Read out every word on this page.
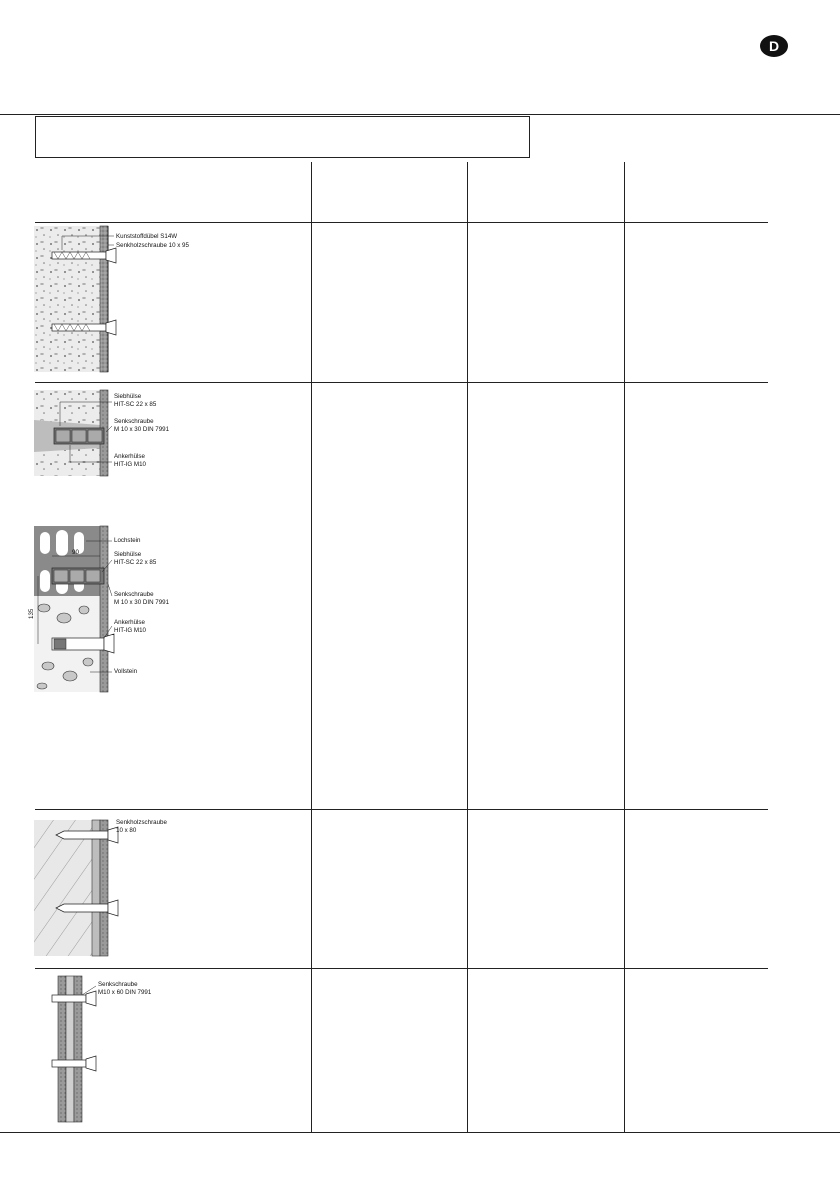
D
Kunststoffdübel S14W
Senkholzschraube 10 x 95
Siebhülse
HIT-SC 22 x 85
Senkschraube
M 10 x 30 DIN 7991
Ankerhülse
HIT-IG M10
90
135
Lochstein
Siebhülse
HIT-SC 22 x 85
Senkschraube
M 10 x 30 DIN 7991
Ankerhülse
HIT-IG M10
Vollstein
Senkholzschraube
10 x 80
Senkschraube
M10 x 60 DIN 7991
